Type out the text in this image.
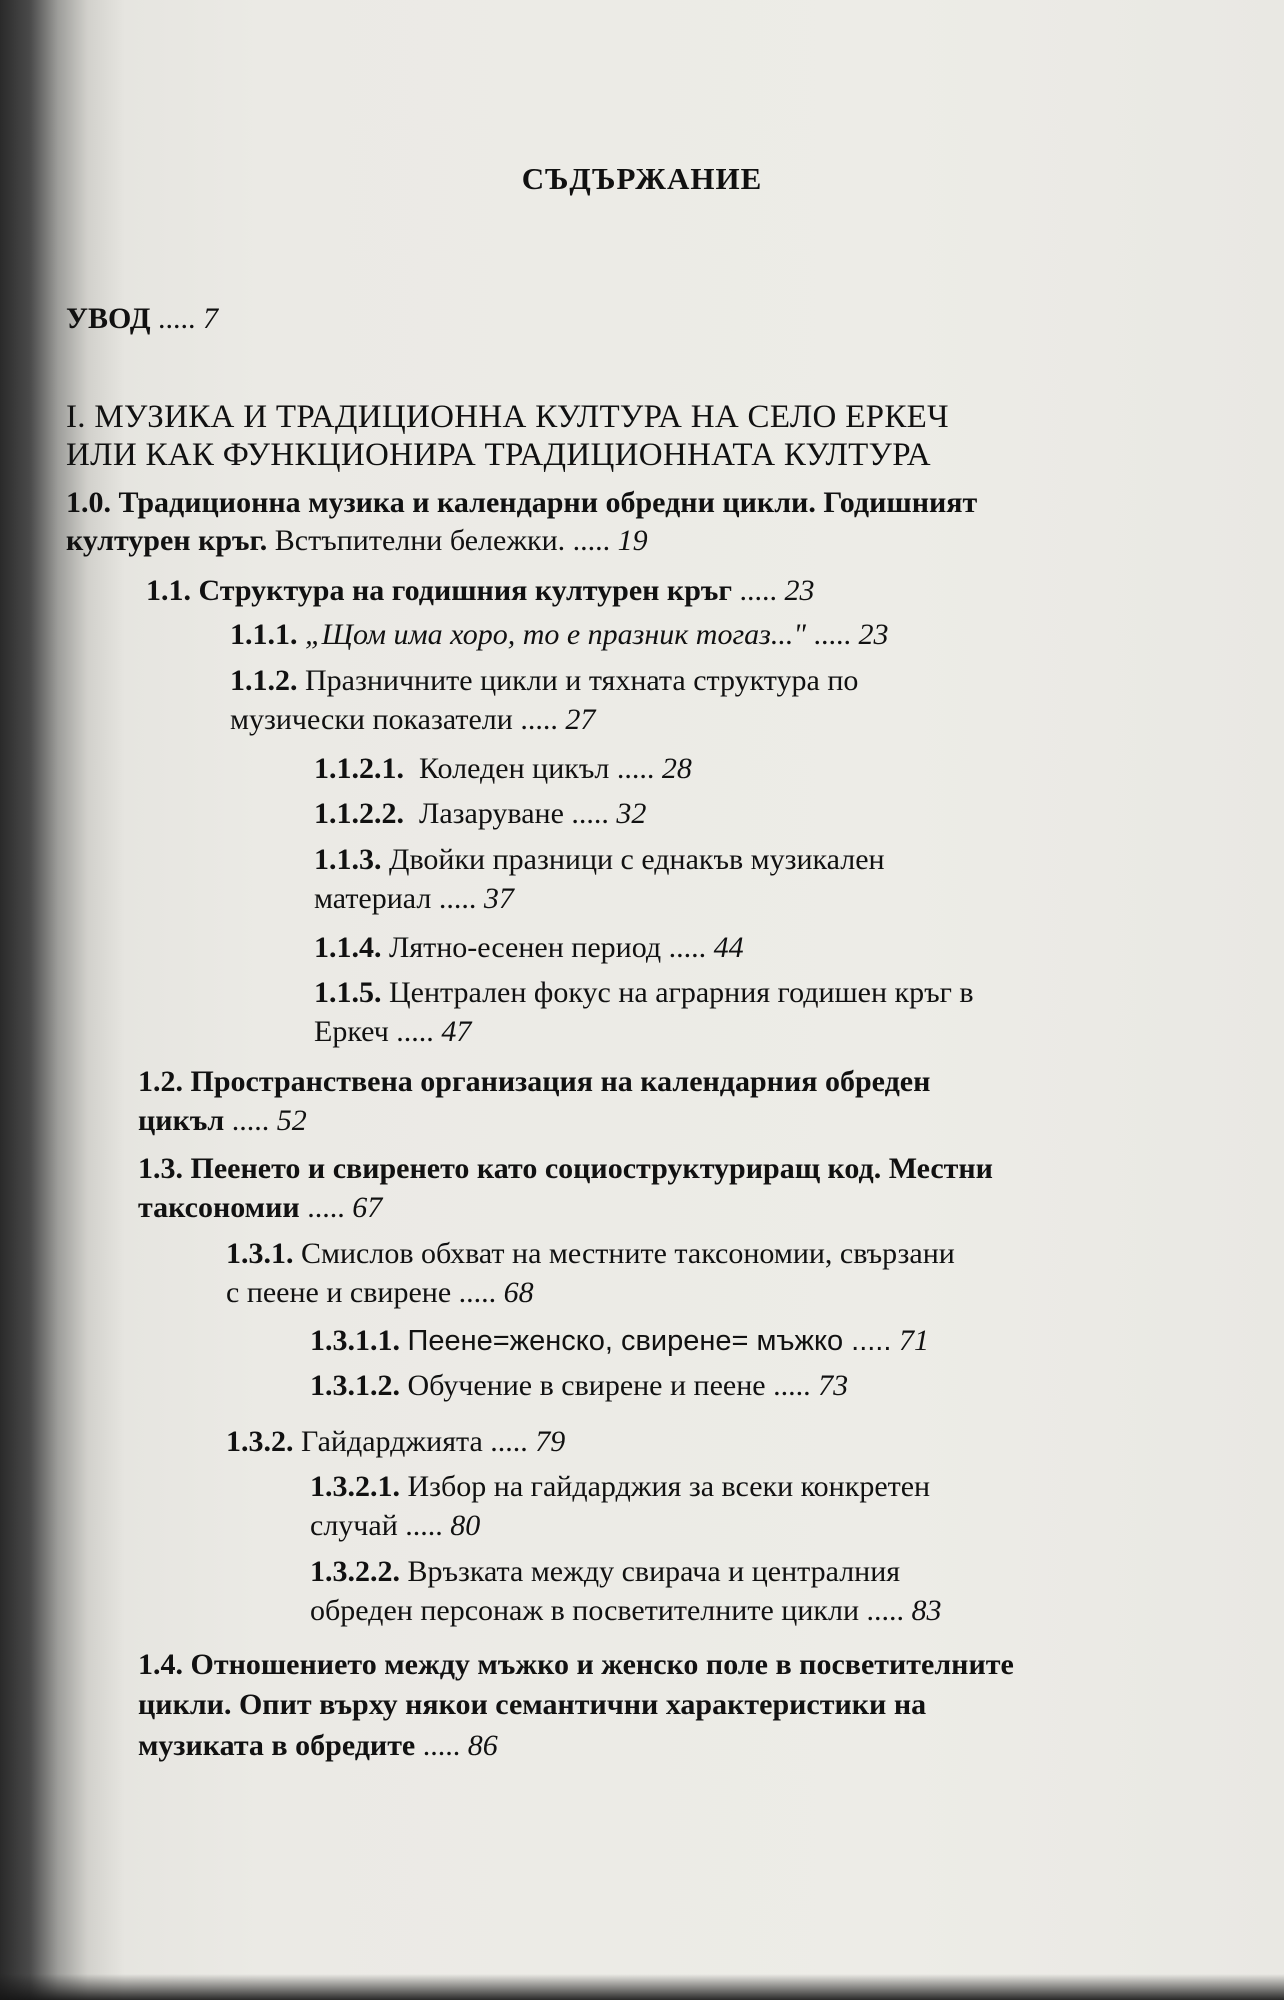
СЪДЪРЖАНИЕ
УВОД ..... 7
I. МУЗИКА И ТРАДИЦИОННА КУЛТУРА НА СЕЛО ЕРКЕЧ
ИЛИ КАК ФУНКЦИОНИРА ТРАДИЦИОННАТА КУЛТУРА
1.0. Традиционна музика и календарни обредни цикли. Годишният
културен кръг. Встъпителни бележки. ..... 19
1.1. Структура на годишния културен кръг ..... 23
1.1.1. „Щом има хоро, то е празник тогаз..." ..... 23
1.1.2. Празничните цикли и тяхната структура по
музически показатели ..... 27
1.1.2.1. Коледен цикъл ..... 28
1.1.2.2. Лазаруване ..... 32
1.1.3. Двойки празници с еднакъв музикален
материал ..... 37
1.1.4. Лятно-есенен период ..... 44
1.1.5. Централен фокус на аграрния годишен кръг в
Еркеч ..... 47
1.2. Пространствена организация на календарния обреден
цикъл ..... 52
1.3. Пеенето и свиренето като социоструктуриращ код. Местни
таксономии ..... 67
1.3.1. Смислов обхват на местните таксономии, свързани
с пеене и свирене ..... 68
1.3.1.1. Пеене=женско, свирене= мъжко ..... 71
1.3.1.2. Обучение в свирене и пеене ..... 73
1.3.2. Гайдарджията ..... 79
1.3.2.1. Избор на гайдарджия за всеки конкретен
случай ..... 80
1.3.2.2. Връзката между свирача и централния
обреден персонаж в посветителните цикли ..... 83
1.4. Отношението между мъжко и женско поле в посветителните
цикли. Опит върху някои семантични характеристики на
музиката в обредите ..... 86
